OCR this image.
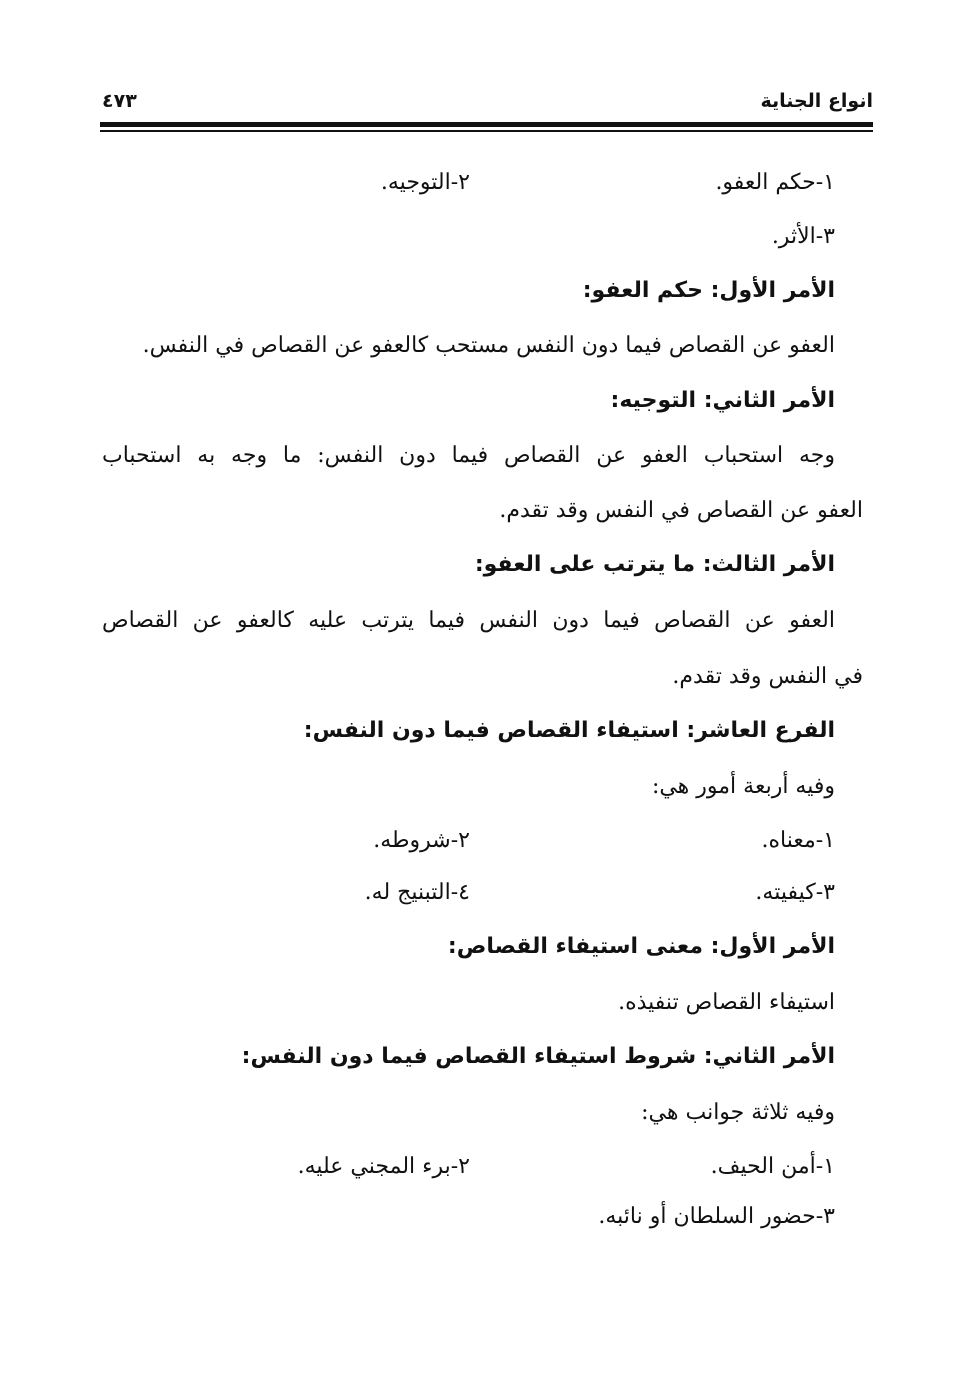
انواع الجناية
٤٧٣
١-حكم العفو.
٢-التوجيه.
٣-الأثر.
الأمر الأول: حكم العفو:
العفو عن القصاص فيما دون النفس مستحب كالعفو عن القصاص في النفس.
الأمر الثاني: التوجيه:
وجه استحباب العفو عن القصاص فيما دون النفس: ما وجه به استحباب
العفو عن القصاص في النفس وقد تقدم.
الأمر الثالث: ما يترتب على العفو:
العفو عن القصاص فيما دون النفس فيما يترتب عليه كالعفو عن القصاص
في النفس وقد تقدم.
الفرع العاشر: استيفاء القصاص فيما دون النفس:
وفيه أربعة أمور هي:
١-معناه.
٢-شروطه.
٣-كيفيته.
٤-التبنيج له.
الأمر الأول: معنى استيفاء القصاص:
استيفاء القصاص تنفيذه.
الأمر الثاني: شروط استيفاء القصاص فيما دون النفس:
وفيه ثلاثة جوانب هي:
١-أمن الحيف.
٢-برء المجني عليه.
٣-حضور السلطان أو نائبه.
